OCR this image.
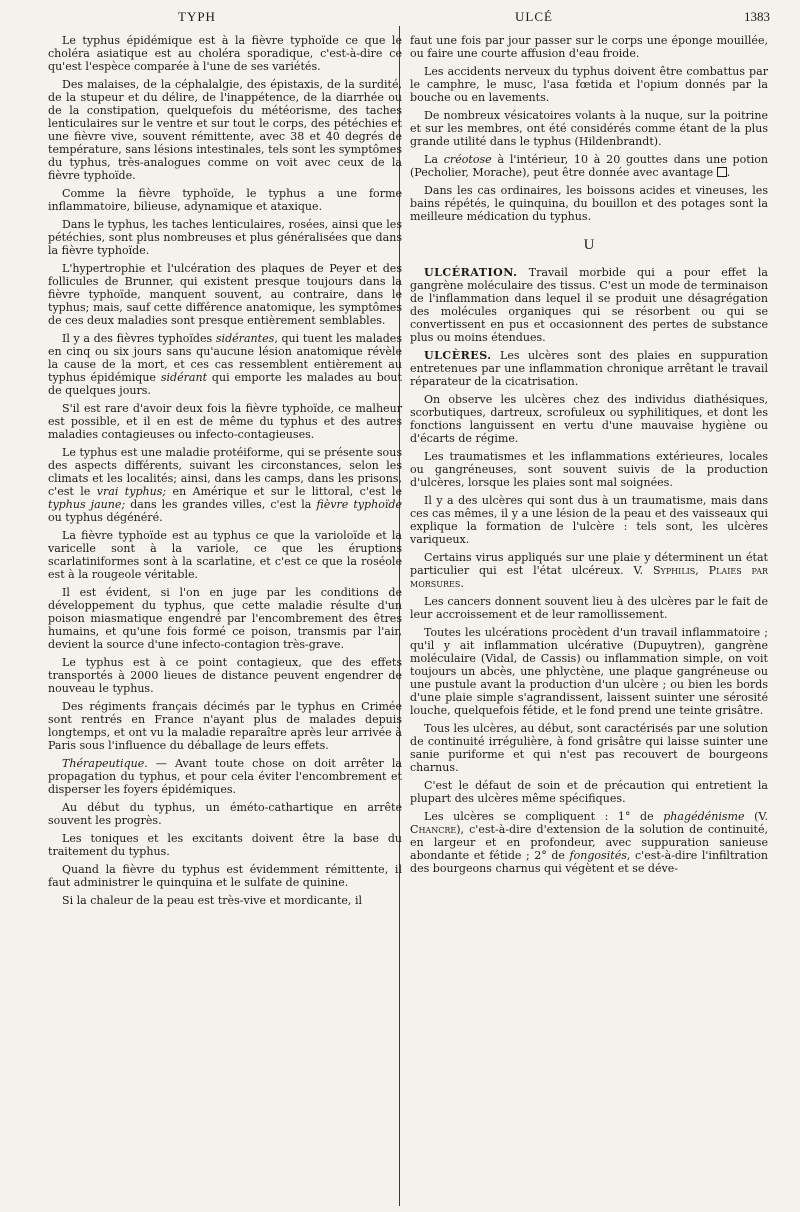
TYPH	ULCÉ	1383

Le typhus épidémique est à la fièvre typhoïde ce que le choléra asiatique est au choléra sporadique, c'est-à-dire ce qu'est l'espèce comparée à l'une de ses variétés.

Des malaises, de la céphalalgie, des épistaxis, de la surdité, de la stupeur et du délire, de l'inappétence, de la diarrhée ou de la constipation, quelquefois du météorisme, des taches lenticulaires sur le ventre et sur tout le corps, des pétéchies et une fièvre vive, souvent rémittente, avec 38 et 40 degrés de température, sans lésions intestinales, tels sont les symptômes du typhus, très-analogues comme on voit avec ceux de la fièvre typhoïde.

Comme la fièvre typhoïde, le typhus a une forme inflammatoire, bilieuse, adynamique et ataxique.

Dans le typhus, les taches lenticulaires, rosées, ainsi que les pétéchies, sont plus nombreuses et plus généralisées que dans la fièvre typhoïde.

L'hypertrophie et l'ulcération des plaques de Peyer et des follicules de Brunner, qui existent presque toujours dans la fièvre typhoïde, manquent souvent, au contraire, dans le typhus; mais, sauf cette différence anatomique, les symptômes de ces deux maladies sont presque entièrement semblables.

Il y a des fièvres typhoïdes sidérantes, qui tuent les malades en cinq ou six jours sans qu'aucune lésion anatomique révèle la cause de la mort, et ces cas ressemblent entièrement au typhus épidémique sidérant qui emporte les malades au bout de quelques jours.

S'il est rare d'avoir deux fois la fièvre typhoïde, ce malheur est possible, et il en est de même du typhus et des autres maladies contagieuses ou infecto-contagieuses.

Le typhus est une maladie protéiforme, qui se présente sous des aspects différents, suivant les circonstances, selon les climats et les localités; ainsi, dans les camps, dans les prisons, c'est le vrai typhus; en Amérique et sur le littoral, c'est le typhus jaune; dans les grandes villes, c'est la fièvre typhoïde ou typhus dégénéré.

La fièvre typhoïde est au typhus ce que la varioloïde et la varicelle sont à la variole, ce que les éruptions scarlatiniformes sont à la scarlatine, et c'est ce que la roséole est à la rougeole véritable.

Il est évident, si l'on en juge par les conditions de développement du typhus, que cette maladie résulte d'un poison miasmatique engendré par l'encombrement des êtres humains, et qu'une fois formé ce poison, transmis par l'air, devient la source d'une infecto-contagion très-grave.

Le typhus est à ce point contagieux, que des effets transportés à 2000 lieues de distance peuvent engendrer de nouveau le typhus.

Des régiments français décimés par le typhus en Crimée sont rentrés en France n'ayant plus de malades depuis longtemps, et ont vu la maladie reparaître après leur arrivée à Paris sous l'influence du déballage de leurs effets.

Thérapeutique. — Avant toute chose on doit arrêter la propagation du typhus, et pour cela éviter l'encombrement et disperser les foyers épidémiques.

Au début du typhus, un éméto-cathartique en arrête souvent les progrès.

Les toniques et les excitants doivent être la base du traitement du typhus.

Quand la fièvre du typhus est évidemment rémittente, il faut administrer le quinquina et le sulfate de quinine.

Si la chaleur de la peau est très-vive et mordicante, il

faut une fois par jour passer sur le corps une éponge mouillée, ou faire une courte affusion d'eau froide.

Les accidents nerveux du typhus doivent être combattus par le camphre, le musc, l'asa fœtida et l'opium donnés par la bouche ou en lavements.

De nombreux vésicatoires volants à la nuque, sur la poitrine et sur les membres, ont été considérés comme étant de la plus grande utilité dans le typhus (Hildenbrandt).

La créotose à l'intérieur, 10 à 20 gouttes dans une potion (Pecholier, Morache), peut être donnée avec avantage .

Dans les cas ordinaires, les boissons acides et vineuses, les bains répétés, le quinquina, du bouillon et des potages sont la meilleure médication du typhus.

U

ULCÉRATION. Travail morbide qui a pour effet la gangrène moléculaire des tissus. C'est un mode de terminaison de l'inflammation dans lequel il se produit une désagrégation des molécules organiques qui se résorbent ou qui se convertissent en pus et occasionnent des pertes de substance plus ou moins étendues.

ULCÈRES. Les ulcères sont des plaies en suppuration entretenues par une inflammation chronique arrêtant le travail réparateur de la cicatrisation.

On observe les ulcères chez des individus diathésiques, scorbutiques, dartreux, scrofuleux ou syphilitiques, et dont les fonctions languissent en vertu d'une mauvaise hygiène ou d'écarts de régime.

Les traumatismes et les inflammations extérieures, locales ou gangréneuses, sont souvent suivis de la production d'ulcères, lorsque les plaies sont mal soignées.

Il y a des ulcères qui sont dus à un traumatisme, mais dans ces cas mêmes, il y a une lésion de la peau et des vaisseaux qui explique la formation de l'ulcère : tels sont, les ulcères variqueux.

Certains virus appliqués sur une plaie y déterminent un état particulier qui est l'état ulcéreux. V. Syphilis, Plaies par morsures.

Les cancers donnent souvent lieu à des ulcères par le fait de leur accroissement et de leur ramollissement.

Toutes les ulcérations procèdent d'un travail inflammatoire ; qu'il y ait inflammation ulcérative (Dupuytren), gangrène moléculaire (Vidal, de Cassis) ou inflammation simple, on voit toujours un abcès, une phlyctène, une plaque gangréneuse ou une pustule avant la production d'un ulcère ; ou bien les bords d'une plaie simple s'agrandissent, laissent suinter une sérosité louche, quelquefois fétide, et le fond prend une teinte grisâtre.

Tous les ulcères, au début, sont caractérisés par une solution de continuité irrégulière, à fond grisâtre qui laisse suinter une sanie puriforme et qui n'est pas recouvert de bourgeons charnus.

C'est le défaut de soin et de précaution qui entretient la plupart des ulcères même spécifiques.

Les ulcères se compliquent : 1° de phagédénisme (V. Chancre), c'est-à-dire d'extension de la solution de continuité, en largeur et en profondeur, avec suppuration sanieuse abondante et fétide ; 2° de fongosités, c'est-à-dire l'infiltration des bourgeons charnus qui végètent et se déve-
